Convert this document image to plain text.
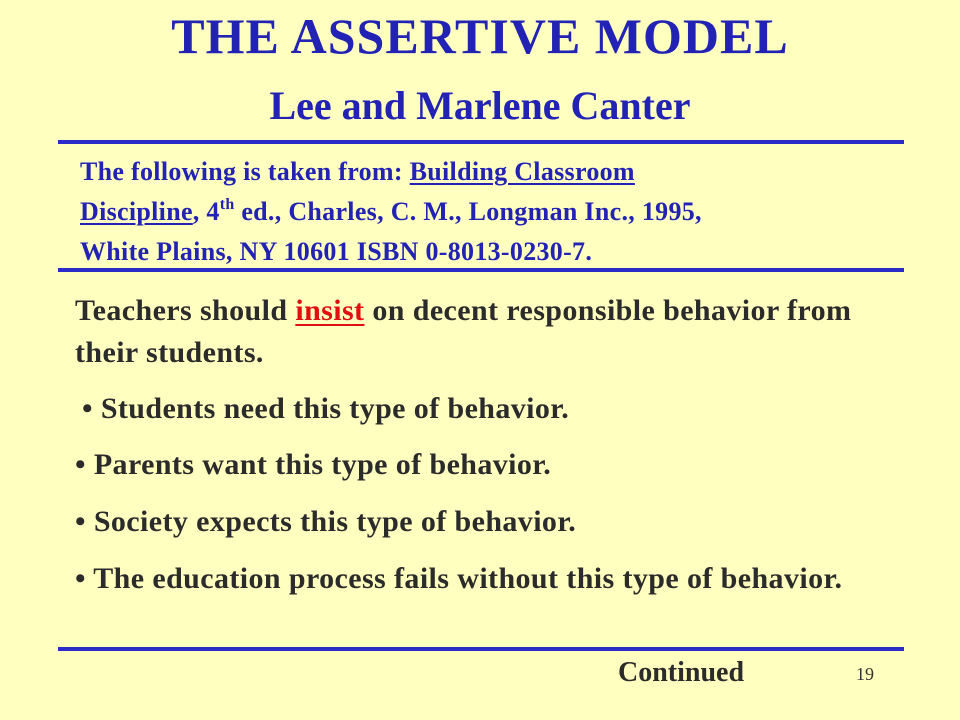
THE ASSERTIVE MODEL
Lee and Marlene Canter
The following is taken from: Building Classroom
Discipline, 4th ed., Charles, C. M., Longman Inc., 1995,
White Plains, NY 10601 ISBN 0-8013-0230-7.
Teachers should insist on decent responsible behavior from their students.
• Students need this type of behavior.
• Parents want this type of behavior.
• Society expects this type of behavior.
• The education process fails without this type of behavior.
Continued	19
